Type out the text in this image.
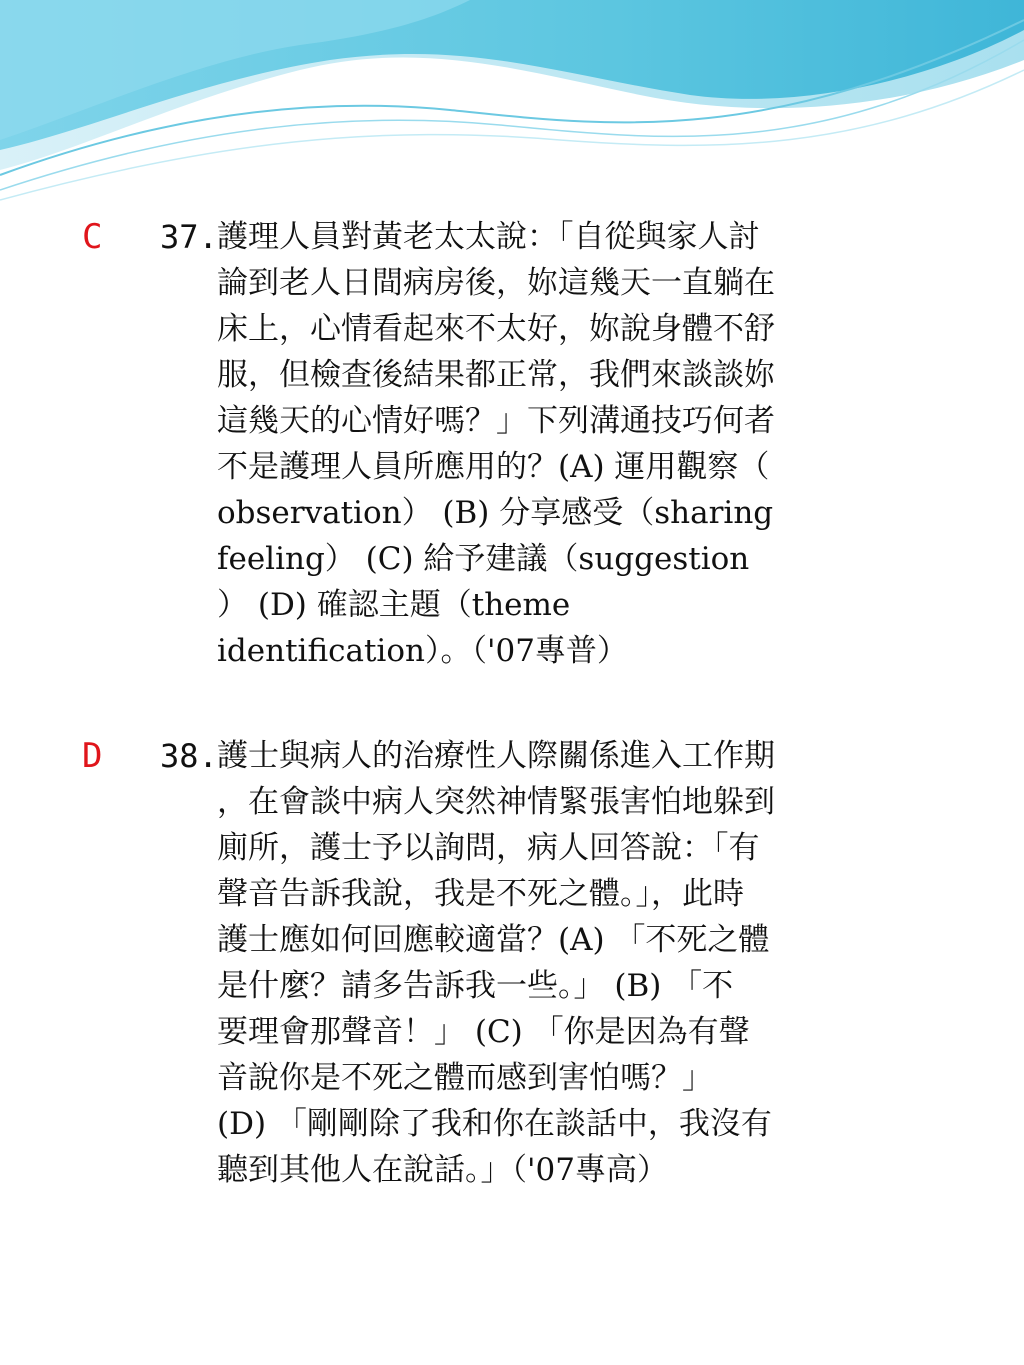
C 37. 護理人員對黃老太太說：「自從與家人討
論到老人日間病房後，妳這幾天一直躺在
床上，心情看起來不太好，妳說身體不舒
服，但檢查後結果都正常，我們來談談妳
這幾天的心情好嗎？」下列溝通技巧何者
不是護理人員所應用的？(A) 運用觀察（
observation） (B) 分享感受（sharing
feeling） (C) 給予建議（suggestion
） (D) 確認主題（theme
identification）。（'07專普）
D 38. 護士與病人的治療性人際關係進入工作期
，在會談中病人突然神情緊張害怕地躲到
廁所，護士予以詢問，病人回答說：「有
聲音告訴我說，我是不死之體。」，此時
護士應如何回應較適當？(A) 「不死之體
是什麼？請多告訴我一些。」 (B) 「不
要理會那聲音！」 (C) 「你是因為有聲
音說你是不死之體而感到害怕嗎？」
(D) 「剛剛除了我和你在談話中，我沒有
聽到其他人在說話。」（'07專高）
